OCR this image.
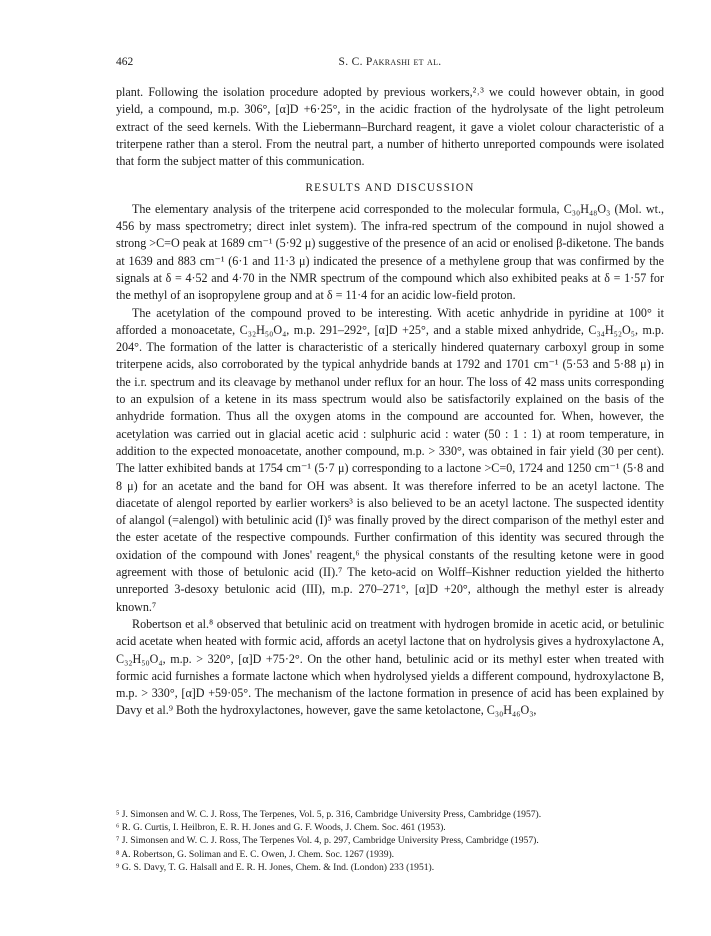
462	S. C. Pakrashi et al.

plant. Following the isolation procedure adopted by previous workers,²˒³ we could however obtain, in good yield, a compound, m.p. 306°, [α]D +6·25°, in the acidic fraction of the hydrolysate of the light petroleum extract of the seed kernels. With the Liebermann–Burchard reagent, it gave a violet colour characteristic of a triterpene rather than a sterol. From the neutral part, a number of hitherto unreported compounds were isolated that form the subject matter of this communication.

RESULTS AND DISCUSSION

The elementary analysis of the triterpene acid corresponded to the molecular formula, C₃₀H₄₈O₃ (Mol. wt., 456 by mass spectrometry; direct inlet system). The infra-red spectrum of the compound in nujol showed a strong >C=O peak at 1689 cm⁻¹ (5·92 μ) suggestive of the presence of an acid or enolised β-diketone. The bands at 1639 and 883 cm⁻¹ (6·1 and 11·3 μ) indicated the presence of a methylene group that was confirmed by the signals at δ = 4·52 and 4·70 in the NMR spectrum of the compound which also exhibited peaks at δ = 1·57 for the methyl of an isopropylene group and at δ = 11·4 for an acidic low-field proton.

The acetylation of the compound proved to be interesting. With acetic anhydride in pyridine at 100° it afforded a monoacetate, C₃₂H₅₀O₄, m.p. 291–292°, [α]D +25°, and a stable mixed anhydride, C₃₄H₅₂O₅, m.p. 204°. The formation of the latter is characteristic of a sterically hindered quaternary carboxyl group in some triterpene acids, also corroborated by the typical anhydride bands at 1792 and 1701 cm⁻¹ (5·53 and 5·88 μ) in the i.r. spectrum and its cleavage by methanol under reflux for an hour. The loss of 42 mass units corresponding to an expulsion of a ketene in its mass spectrum would also be satisfactorily explained on the basis of the anhydride formation. Thus all the oxygen atoms in the compound are accounted for. When, however, the acetylation was carried out in glacial acetic acid : sulphuric acid : water (50 : 1 : 1) at room temperature, in addition to the expected monoacetate, another compound, m.p. > 330°, was obtained in fair yield (30 per cent). The latter exhibited bands at 1754 cm⁻¹ (5·7 μ) corresponding to a lactone >C=0, 1724 and 1250 cm⁻¹ (5·8 and 8 μ) for an acetate and the band for OH was absent. It was therefore inferred to be an acetyl lactone. The diacetate of alengol reported by earlier workers³ is also believed to be an acetyl lactone. The suspected identity of alangol (=alengol) with betulinic acid (I)⁵ was finally proved by the direct comparison of the methyl ester and the ester acetate of the respective compounds. Further confirmation of this identity was secured through the oxidation of the compound with Jones' reagent,⁶ the physical constants of the resulting ketone were in good agreement with those of betulonic acid (II).⁷ The keto-acid on Wolff–Kishner reduction yielded the hitherto unreported 3-desoxy betulonic acid (III), m.p. 270–271°, [α]D +20°, although the methyl ester is already known.⁷

Robertson et al.⁸ observed that betulinic acid on treatment with hydrogen bromide in acetic acid, or betulinic acid acetate when heated with formic acid, affords an acetyl lactone that on hydrolysis gives a hydroxylactone A, C₃₂H₅₀O₄, m.p. > 320°, [α]D +75·2°. On the other hand, betulinic acid or its methyl ester when treated with formic acid furnishes a formate lactone which when hydrolysed yields a different compound, hydroxylactone B, m.p. > 330°, [α]D +59·05°. The mechanism of the lactone formation in presence of acid has been explained by Davy et al.⁹ Both the hydroxylactones, however, gave the same ketolactone, C₃₀H₄₆O₃,

⁵ J. Simonsen and W. C. J. Ross, The Terpenes, Vol. 5, p. 316, Cambridge University Press, Cambridge (1957).
⁶ R. G. Curtis, I. Heilbron, E. R. H. Jones and G. F. Woods, J. Chem. Soc. 461 (1953).
⁷ J. Simonsen and W. C. J. Ross, The Terpenes Vol. 4, p. 297, Cambridge University Press, Cambridge (1957).
⁸ A. Robertson, G. Soliman and E. C. Owen, J. Chem. Soc. 1267 (1939).
⁹ G. S. Davy, T. G. Halsall and E. R. H. Jones, Chem. & Ind. (London) 233 (1951).
